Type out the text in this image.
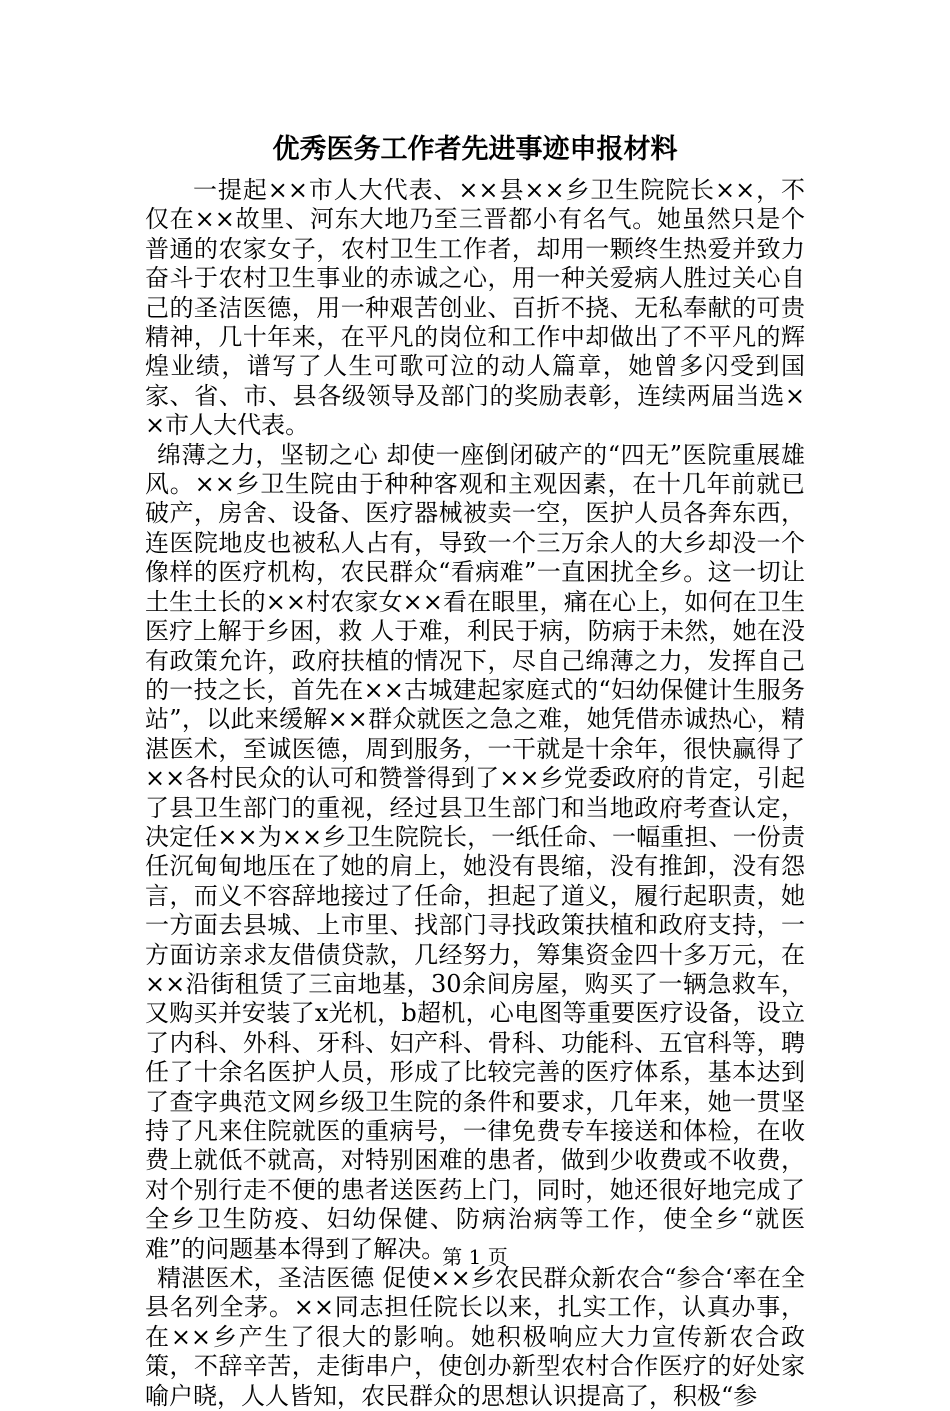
优秀医务工作者先进事迹申报材料

一提起××市人大代表、××县××乡卫生院院长××，不仅在××故里、河东大地乃至三晋都小有名气。她虽然只是个普通的农家女子，农村卫生工作者，却用一颗终生热爱并致力奋斗于农村卫生事业的赤诚之心，用一种关爱病人胜过关心自己的圣洁医德，用一种艰苦创业、百折不挠、无私奉献的可贵精神，几十年来，在平凡的岗位和工作中却做出了不平凡的辉煌业绩，谱写了人生可歌可泣的动人篇章，她曾多闪受到国家、省、市、县各级领导及部门的奖励表彰，连续两届当选××市人大代表。

绵薄之力，坚韧之心 却使一座倒闭破产的“四无”医院重展雄风。××乡卫生院由于种种客观和主观因素，在十几年前就已破产，房舍、设备、医疗器械被卖一空，医护人员各奔东西，连医院地皮也被私人占有，导致一个三万余人的大乡却没一个像样的医疗机构，农民群众“看病难”一直困扰全乡。这一切让土生土长的××村农家女××看在眼里，痛在心上，如何在卫生医疗上解于乡困，救 人于难，利民于病，防病于未然，她在没有政策允许，政府扶植的情况下，尽自己绵薄之力，发挥自己的一技之长，首先在××古城建起家庭式的“妇幼保健计生服务站”，以此来缓解××群众就医之急之难，她凭借赤诚热心，精湛医术，至诚医德，周到服务，一干就是十余年，很快赢得了××各村民众的认可和赞誉得到了××乡党委政府的肯定，引起了县卫生部门的重视，经过县卫生部门和当地政府考查认定，决定任××为××乡卫生院院长，一纸任命、一幅重担、一份责任沉甸甸地压在了她的肩上，她没有畏缩，没有推卸，没有怨言，而义不容辞地接过了任命，担起了道义，履行起职责，她一方面去县城、上市里、找部门寻找政策扶植和政府支持，一方面访亲求友借债贷款，几经努力，筹集资金四十多万元，在××沿街租赁了三亩地基，30余间房屋，购买了一辆急救车，又购买并安装了x光机，b超机，心电图等重要医疗设备，设立了内科、外科、牙科、妇产科、骨科、功能科、五官科等，聘任了十余名医护人员，形成了比较完善的医疗体系，基本达到了查字典范文网乡级卫生院的条件和要求，几年来，她一贯坚持了凡来住院就医的重病号，一律免费专车接送和体检，在收费上就低不就高，对特别困难的患者，做到少收费或不收费，对个别行走不便的患者送医药上门，同时，她还很好地完成了全乡卫生防疫、妇幼保健、防病治病等工作，使全乡“就医难”的问题基本得到了解决。

精湛医术，圣洁医德 促使××乡农民群众新农合“参合‘率在全县名列全茅。××同志担任院长以来，扎实工作，认真办事，在××乡产生了很大的影响。她积极响应大力宣传新农合政策，不辞辛苦，走街串户，使创办新型农村合作医疗的好处家喻户晓，人人皆知，农民群众的思想认识提高了，积极“参

第 1 页
